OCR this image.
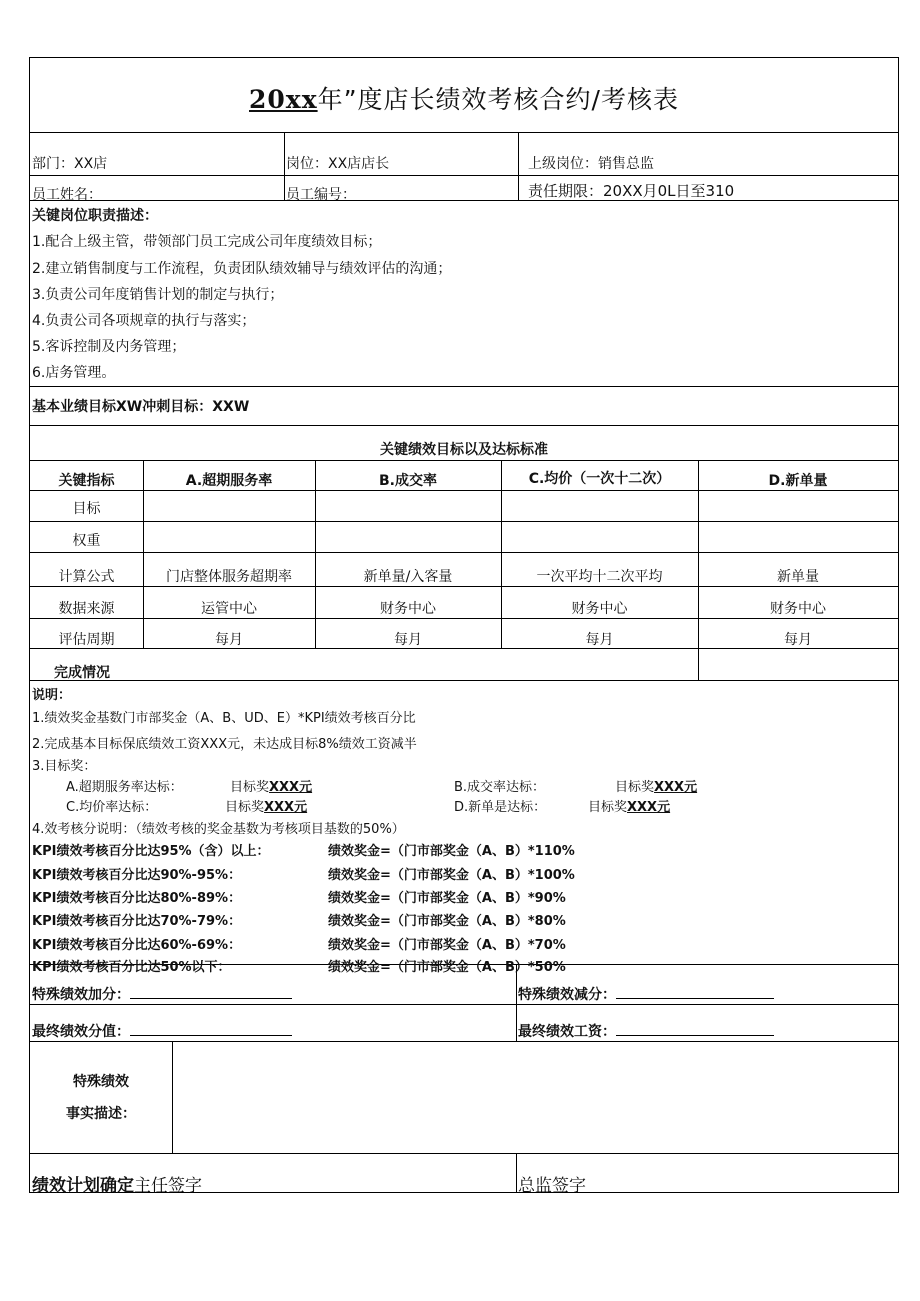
20xx年”度店长绩效考核合约/考核表
部门：XX店	岗位：XX店店长	上级岗位：销售总监
员工姓名：	员工编号：	责任期限：20XX月0L日至310
关键岗位职责描述：
1.配合上级主管，带领部门员工完成公司年度绩效目标；
2.建立销售制度与工作流程，负责团队绩效辅导与绩效评估的沟通；
3.负责公司年度销售计划的制定与执行；
4.负责公司各项规章的执行与落实；
5.客诉控制及内务管理；
6.店务管理。
基本业绩目标XW冲刺目标：XXW
关键绩效目标以及达标标准
关键指标	A.超期服务率	B.成交率	C.均价（一次十二次）	D.新单量
目标
权重
计算公式	门店整体服务超期率	新单量/入客量	一次平均十二次平均	新单量
数据来源	运管中心	财务中心	财务中心	财务中心
评估周期	每月	每月	每月	每月
完成情况
说明：
1.绩效奖金基数门市部奖金（A、B、UD、E）*KPI绩效考核百分比
2.完成基本目标保底绩效工资XXX元，未达成目标8%绩效工资减半
3.目标奖：
A.超期服务率达标：	目标奖XXX元	B.成交率达标：	目标奖XXX元
C.均价率达标：	目标奖XXX元	D.新单是达标：	目标奖XXX元
4.效考核分说明：（绩效考核的奖金基数为考核项目基数的50%）
KPI绩效考核百分比达95%（含）以上：	绩效奖金=（门市部奖金（A、B）*110%
KPI绩效考核百分比达90%-95%：	绩效奖金=（门市部奖金（A、B）*100%
KPI绩效考核百分比达80%-89%：	绩效奖金=（门市部奖金（A、B）*90%
KPI绩效考核百分比达70%-79%：	绩效奖金=（门市部奖金（A、B）*80%
KPI绩效考核百分比达60%-69%：	绩效奖金=（门市部奖金（A、B）*70%
KPI绩效考核百分比达50%以下：	绩效奖金=（门市部奖金（A、B）*50%
特殊绩效加分：	特殊绩效减分：
最终绩效分值：	最终绩效工资：
特殊绩效
事实描述：
绩效计划确定主任签字	总监签字
